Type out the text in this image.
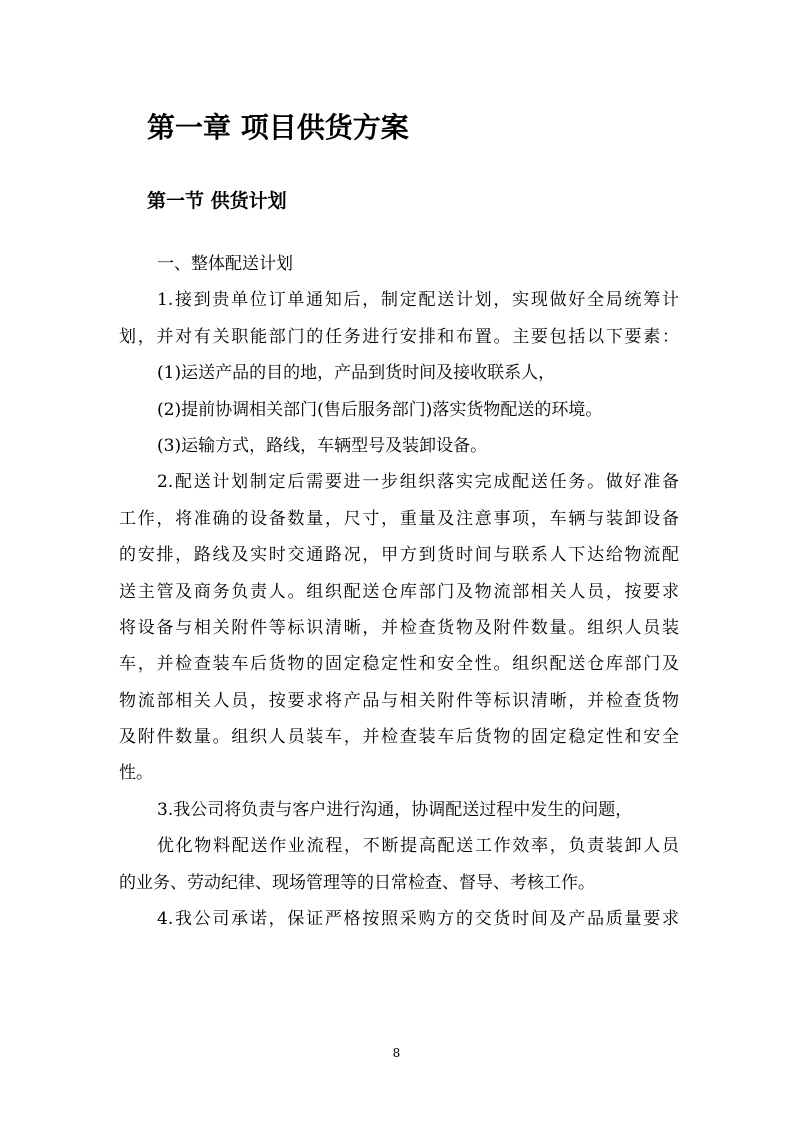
第一章 项目供货方案
第一节 供货计划
一、整体配送计划
1.接到贵单位订单通知后，制定配送计划，实现做好全局统筹计
划，并对有关职能部门的任务进行安排和布置。主要包括以下要素：
(1)运送产品的目的地，产品到货时间及接收联系人，
(2)提前协调相关部门(售后服务部门)落实货物配送的环境。
(3)运输方式，路线，车辆型号及装卸设备。
2.配送计划制定后需要进一步组织落实完成配送任务。做好准备
工作，将准确的设备数量，尺寸，重量及注意事项，车辆与装卸设备
的安排，路线及实时交通路况，甲方到货时间与联系人下达给物流配
送主管及商务负责人。组织配送仓库部门及物流部相关人员，按要求
将设备与相关附件等标识清晰，并检查货物及附件数量。组织人员装
车，并检查装车后货物的固定稳定性和安全性。组织配送仓库部门及
物流部相关人员，按要求将产品与相关附件等标识清晰，并检查货物
及附件数量。组织人员装车，并检查装车后货物的固定稳定性和安全
性。
3.我公司将负责与客户进行沟通，协调配送过程中发生的问题，
优化物料配送作业流程，不断提高配送工作效率，负责装卸人员
的业务、劳动纪律、现场管理等的日常检查、督导、考核工作。
4.我公司承诺，保证严格按照采购方的交货时间及产品质量要求
8
